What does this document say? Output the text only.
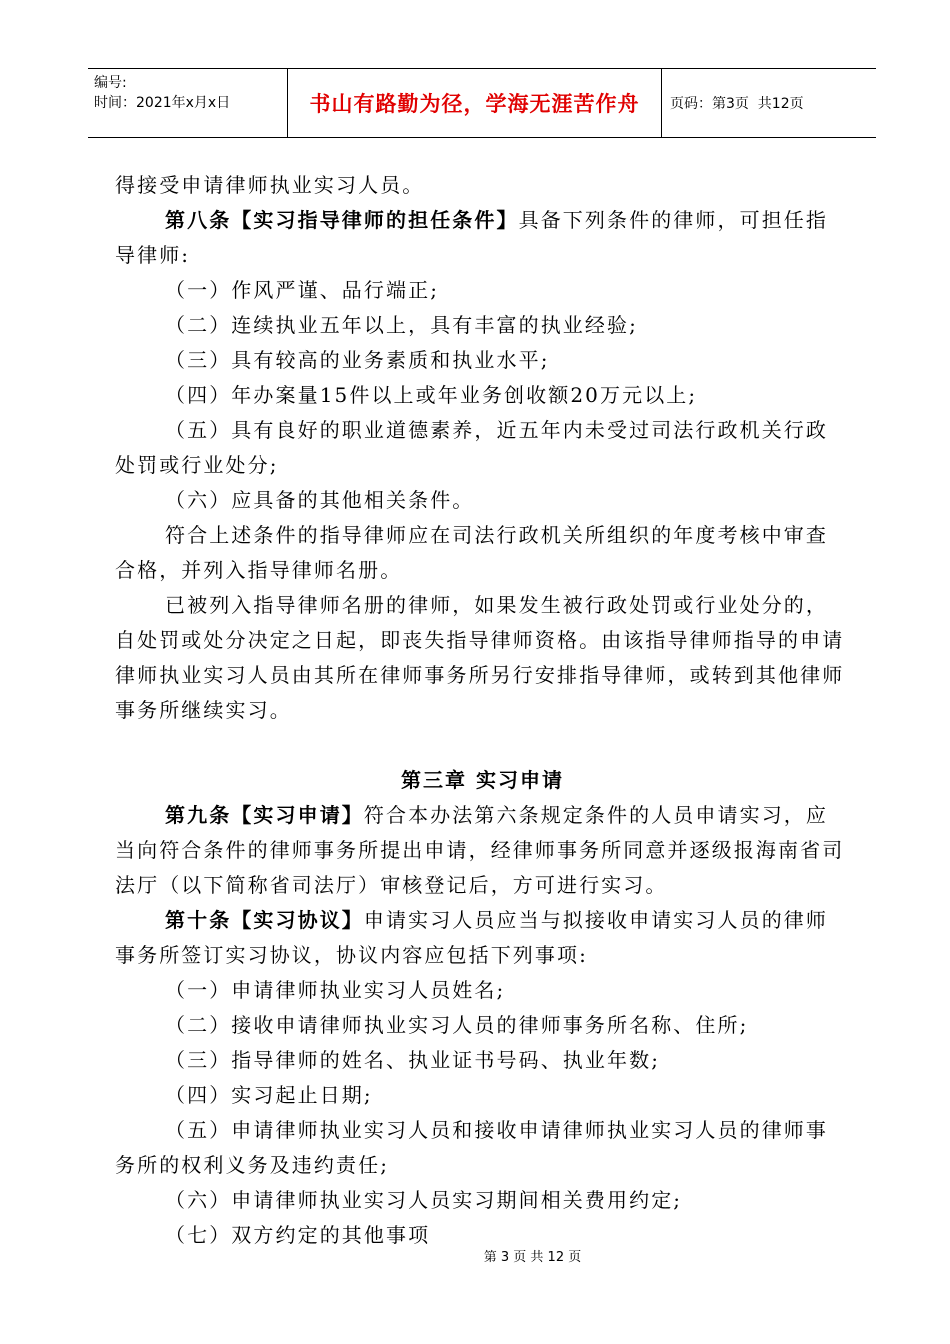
编号:
时间：2021年x月x日	书山有路勤为径，学海无涯苦作舟	页码：第3页  共12页

得接受申请律师执业实习人员。

第八条【实习指导律师的担任条件】具备下列条件的律师，可担任指导律师:

（一）作风严谨、品行端正;

（二）连续执业五年以上，具有丰富的执业经验;

（三）具有较高的业务素质和执业水平;

（四）年办案量15件以上或年业务创收额20万元以上;

（五）具有良好的职业道德素养，近五年内未受过司法行政机关行政处罚或行业处分;

（六）应具备的其他相关条件。

符合上述条件的指导律师应在司法行政机关所组织的年度考核中审查合格，并列入指导律师名册。

已被列入指导律师名册的律师，如果发生被行政处罚或行业处分的，自处罚或处分决定之日起，即丧失指导律师资格。由该指导律师指导的申请律师执业实习人员由其所在律师事务所另行安排指导律师，或转到其他律师事务所继续实习。

第三章 实习申请

第九条【实习申请】符合本办法第六条规定条件的人员申请实习，应当向符合条件的律师事务所提出申请，经律师事务所同意并逐级报海南省司法厅（以下简称省司法厅）审核登记后，方可进行实习。

第十条【实习协议】申请实习人员应当与拟接收申请实习人员的律师事务所签订实习协议，协议内容应包括下列事项:

（一）申请律师执业实习人员姓名;

（二）接收申请律师执业实习人员的律师事务所名称、住所;

（三）指导律师的姓名、执业证书号码、执业年数;

（四）实习起止日期;

（五）申请律师执业实习人员和接收申请律师执业实习人员的律师事务所的权利义务及违约责任;

（六）申请律师执业实习人员实习期间相关费用约定;

（七）双方约定的其他事项

第 3 页 共 12 页
